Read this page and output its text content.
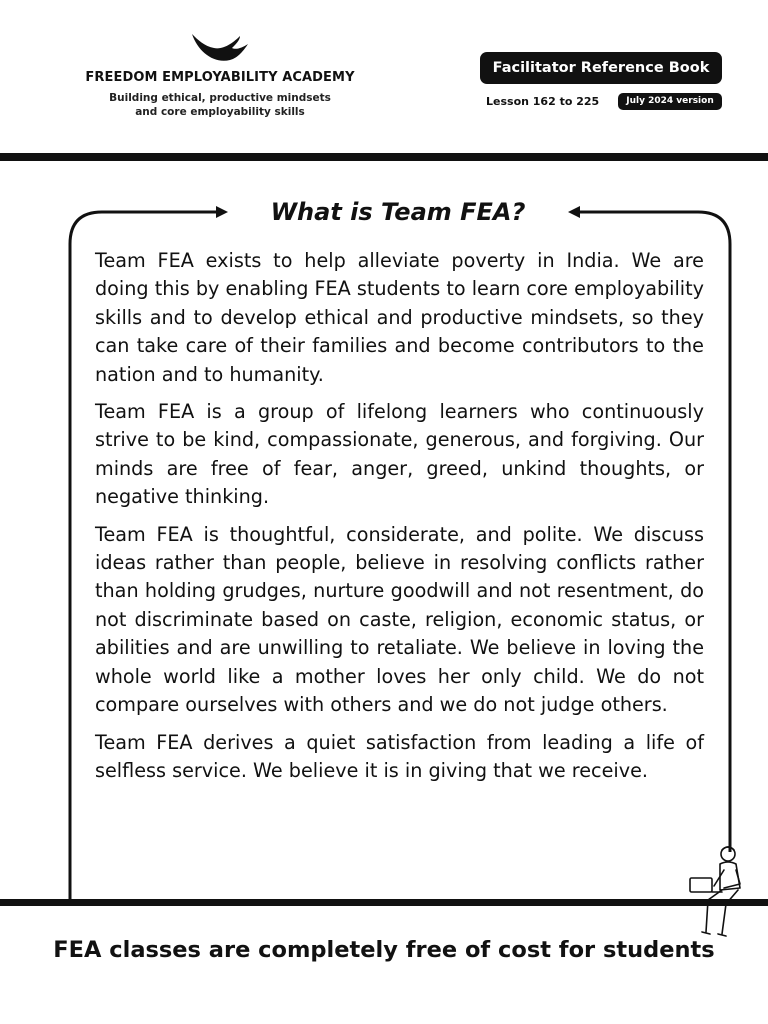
FREEDOM EMPLOYABILITY ACADEMY
Building ethical, productive mindsets
and core employability skills
Facilitator Reference Book
Lesson 162 to 225	July 2024 version
What is Team FEA?

Team FEA exists to help alleviate poverty in India. We are doing this by enabling FEA students to learn core employability skills and to develop ethical and productive mindsets, so they can take care of their families and become contributors to the nation and to humanity.

Team FEA is a group of lifelong learners who continuously strive to be kind, compassionate, generous, and forgiving. Our minds are free of fear, anger, greed, unkind thoughts, or negative thinking.

Team FEA is thoughtful, considerate, and polite. We discuss ideas rather than people, believe in resolving conflicts rather than holding grudges, nurture goodwill and not resentment, do not discriminate based on caste, religion, economic status, or abilities and are unwilling to retaliate. We believe in loving the whole world like a mother loves her only child. We do not compare ourselves with others and we do not judge others.

Team FEA derives a quiet satisfaction from leading a life of selfless service. We believe it is in giving that we receive.

FEA classes are completely free of cost for students
